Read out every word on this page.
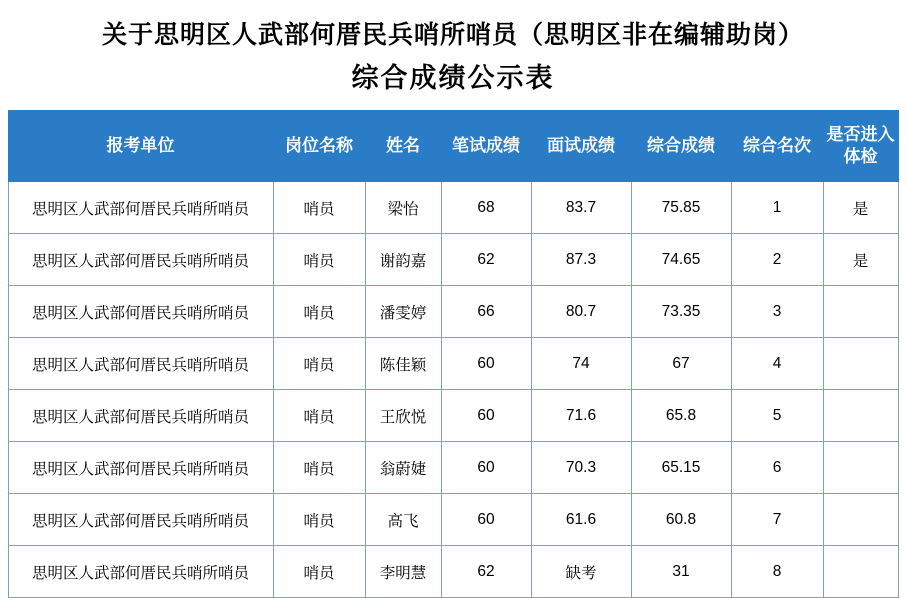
关于思明区人武部何厝民兵哨所哨员（思明区非在编辅助岗）
综合成绩公示表
报考单位	岗位名称	姓名	笔试成绩	面试成绩	综合成绩	综合名次	是否进入体检
思明区人武部何厝民兵哨所哨员	哨员	梁怡	68	83.7	75.85	1	是
思明区人武部何厝民兵哨所哨员	哨员	谢韵嘉	62	87.3	74.65	2	是
思明区人武部何厝民兵哨所哨员	哨员	潘雯婷	66	80.7	73.35	3	
思明区人武部何厝民兵哨所哨员	哨员	陈佳颖	60	74	67	4	
思明区人武部何厝民兵哨所哨员	哨员	王欣悦	60	71.6	65.8	5	
思明区人武部何厝民兵哨所哨员	哨员	翁蔚婕	60	70.3	65.15	6	
思明区人武部何厝民兵哨所哨员	哨员	高飞	60	61.6	60.8	7	
思明区人武部何厝民兵哨所哨员	哨员	李明慧	62	缺考	31	8	
